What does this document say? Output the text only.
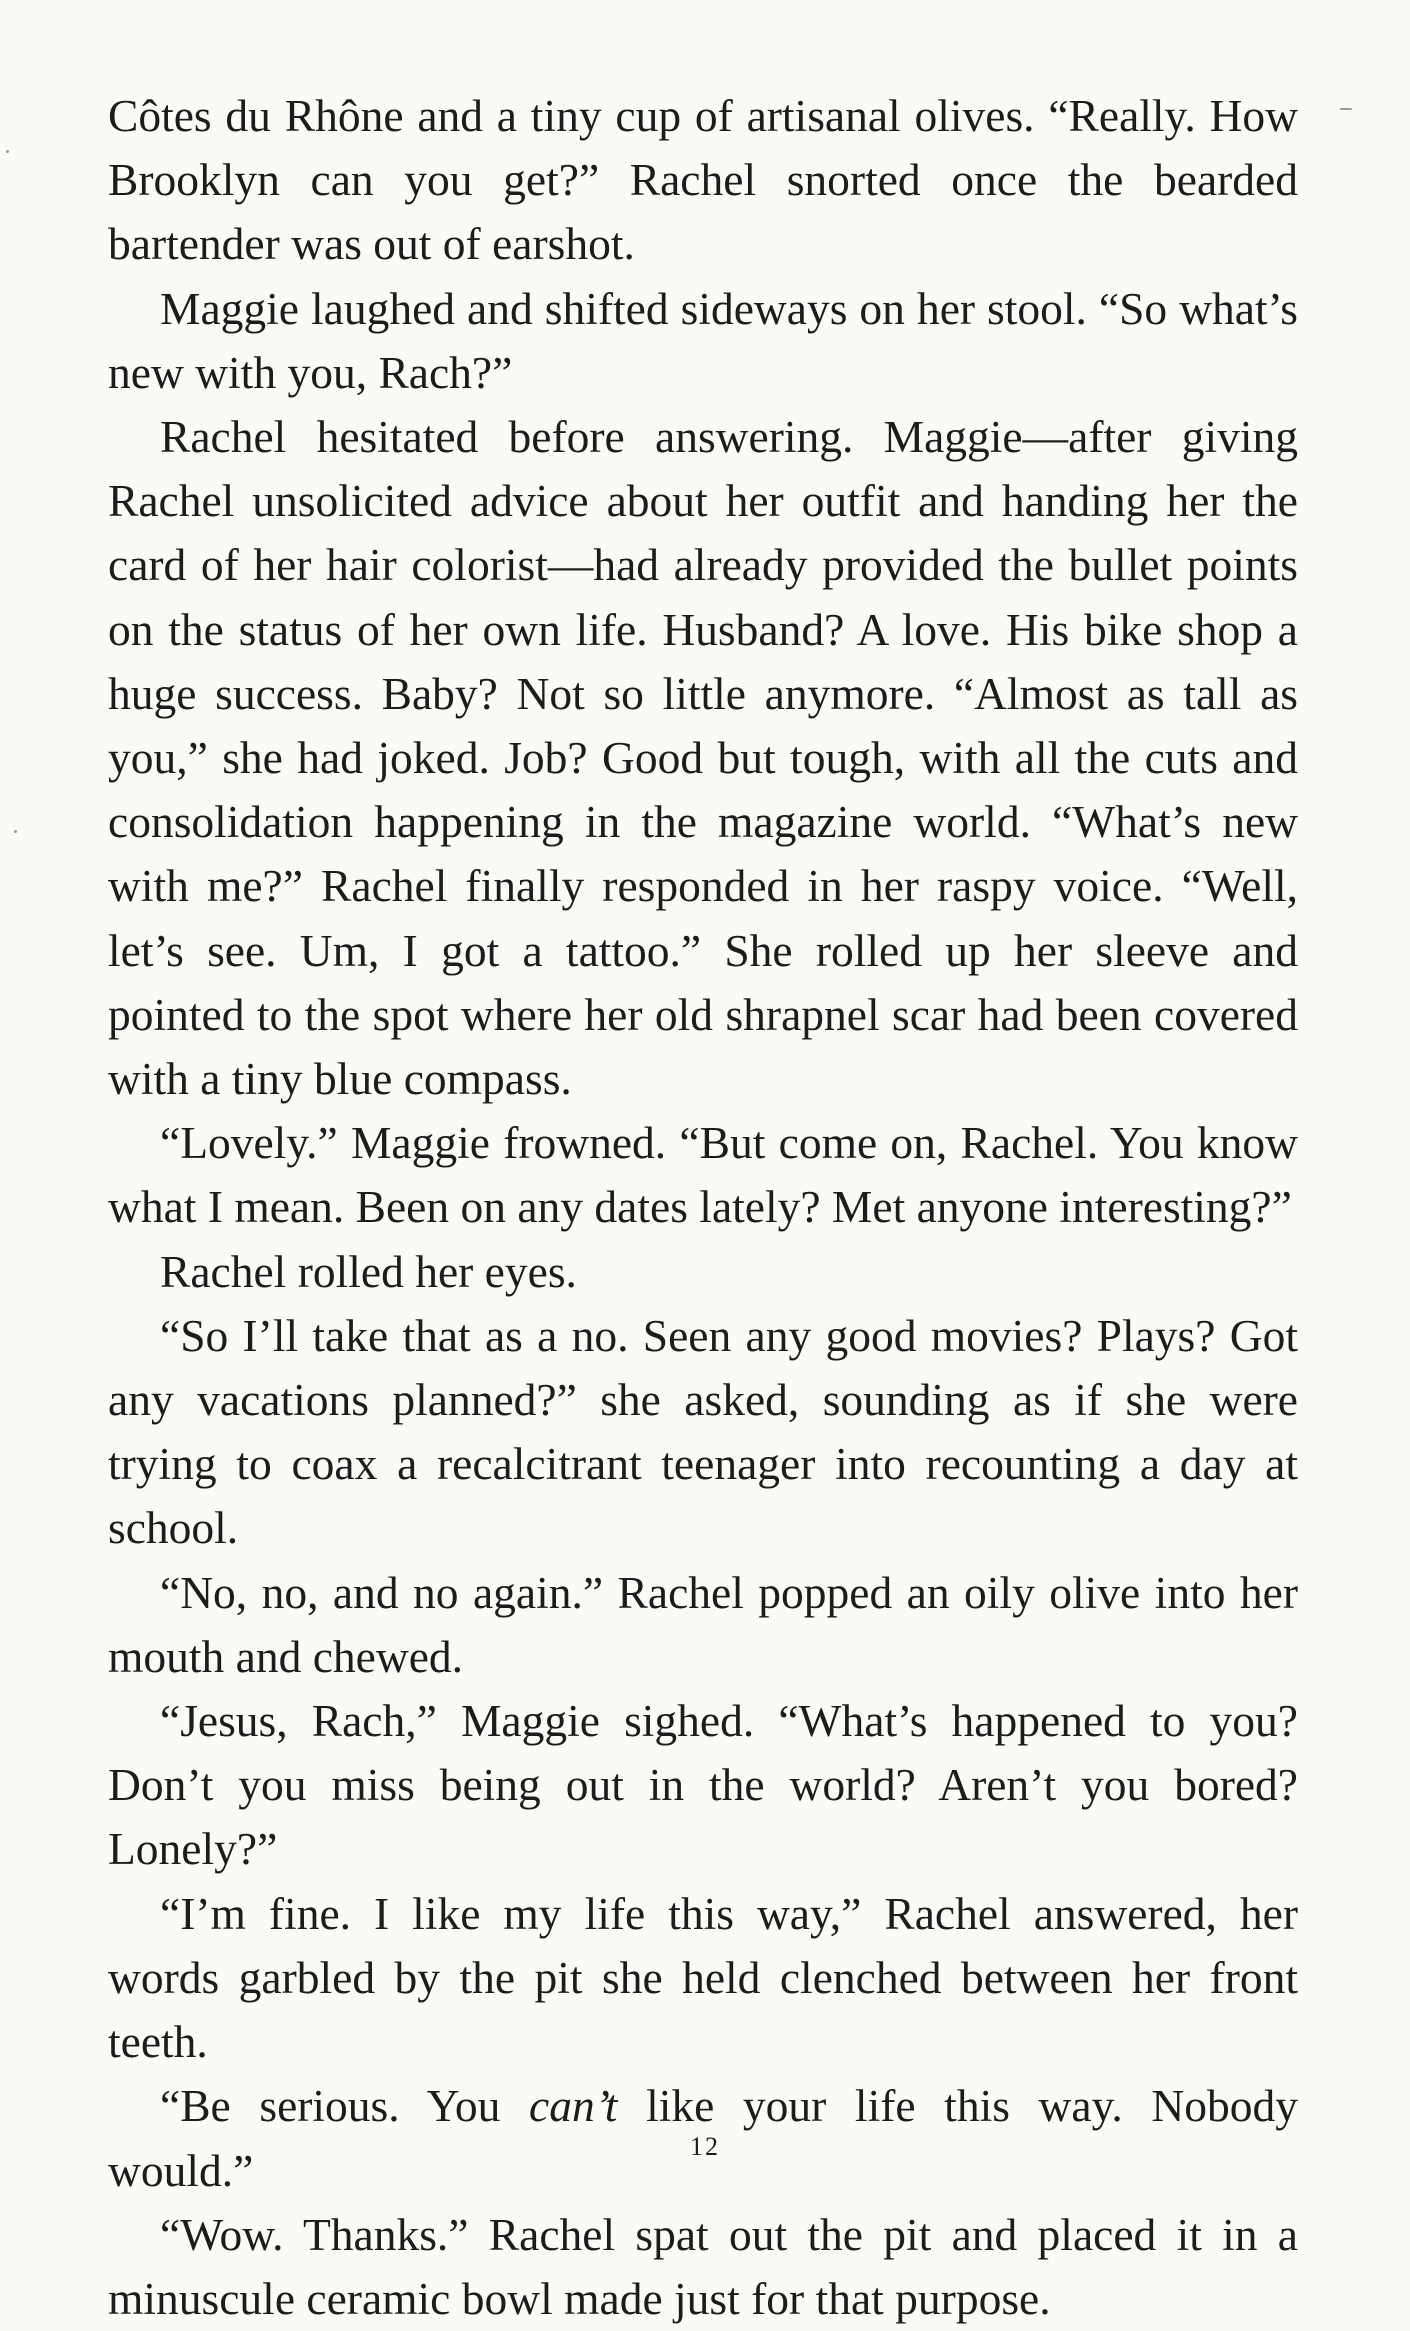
Côtes du Rhône and a tiny cup of artisanal olives. “Really. How Brooklyn can you get?” Rachel snorted once the bearded bartender was out of earshot.

Maggie laughed and shifted sideways on her stool. “So what’s new with you, Rach?”

Rachel hesitated before answering. Maggie—after giving Rachel unsolicited advice about her outfit and handing her the card of her hair colorist—had already provided the bullet points on the status of her own life. Husband? A love. His bike shop a huge success. Baby? Not so little anymore. “Almost as tall as you,” she had joked. Job? Good but tough, with all the cuts and consolidation happening in the magazine world. “What’s new with me?” Rachel finally responded in her raspy voice. “Well, let’s see. Um, I got a tattoo.” She rolled up her sleeve and pointed to the spot where her old shrapnel scar had been covered with a tiny blue compass.

“Lovely.” Maggie frowned. “But come on, Rachel. You know what I mean. Been on any dates lately? Met anyone interesting?”

Rachel rolled her eyes.

“So I’ll take that as a no. Seen any good movies? Plays? Got any vacations planned?” she asked, sounding as if she were trying to coax a recalcitrant teenager into recounting a day at school.

“No, no, and no again.” Rachel popped an oily olive into her mouth and chewed.

“Jesus, Rach,” Maggie sighed. “What’s happened to you? Don’t you miss being out in the world? Aren’t you bored? Lonely?”

“I’m fine. I like my life this way,” Rachel answered, her words garbled by the pit she held clenched between her front teeth.

“Be serious. You can’t like your life this way. Nobody would.”

“Wow. Thanks.” Rachel spat out the pit and placed it in a minuscule ceramic bowl made just for that purpose.

12
